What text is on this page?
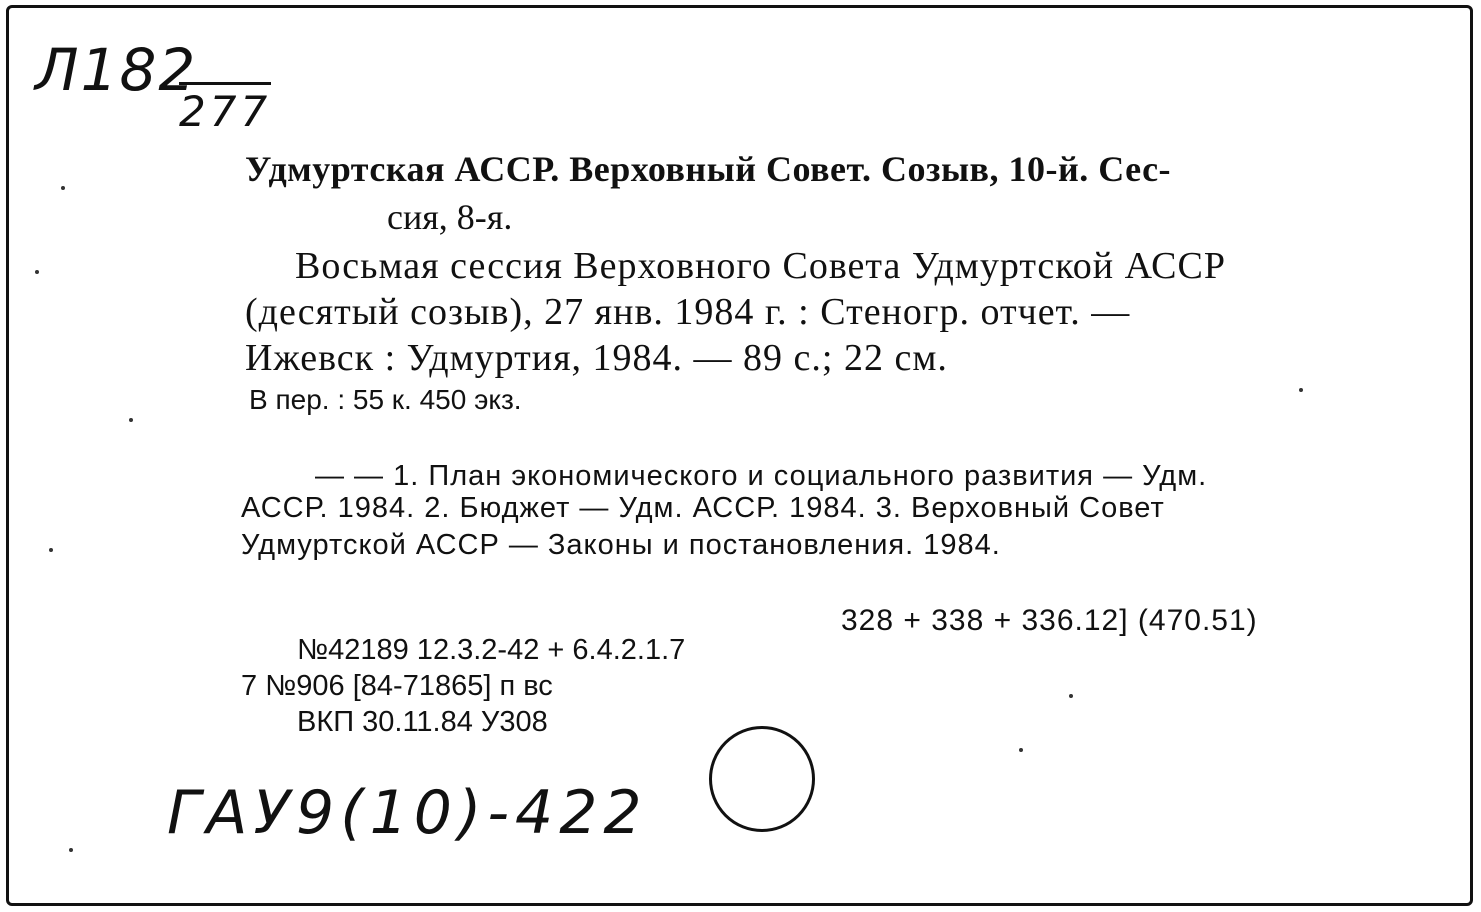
Л182
277
Удмуртская АССР. Верховный Совет. Созыв, 10-й. Сес-
сия, 8-я.
Восьмая сессия Верховного Совета Удмуртской АССР
(десятый созыв), 27 янв. 1984 г. : Стеногр. отчет. —
Ижевск : Удмуртия, 1984. — 89 с.; 22 см.
В пер. : 55 к. 450 экз.
— — 1. План экономического и социального развития — Удм.
АССР. 1984. 2. Бюджет — Удм. АССР. 1984. 3. Верховный Совет
Удмуртской АССР — Законы и постановления. 1984.
328 + 338 + 336.12] (470.51)
№42189 12.3.2-42 + 6.4.2.1.7
7 №906 [84-71865] п вс
ВКП 30.11.84 У308
ГАУ9(10)-422
